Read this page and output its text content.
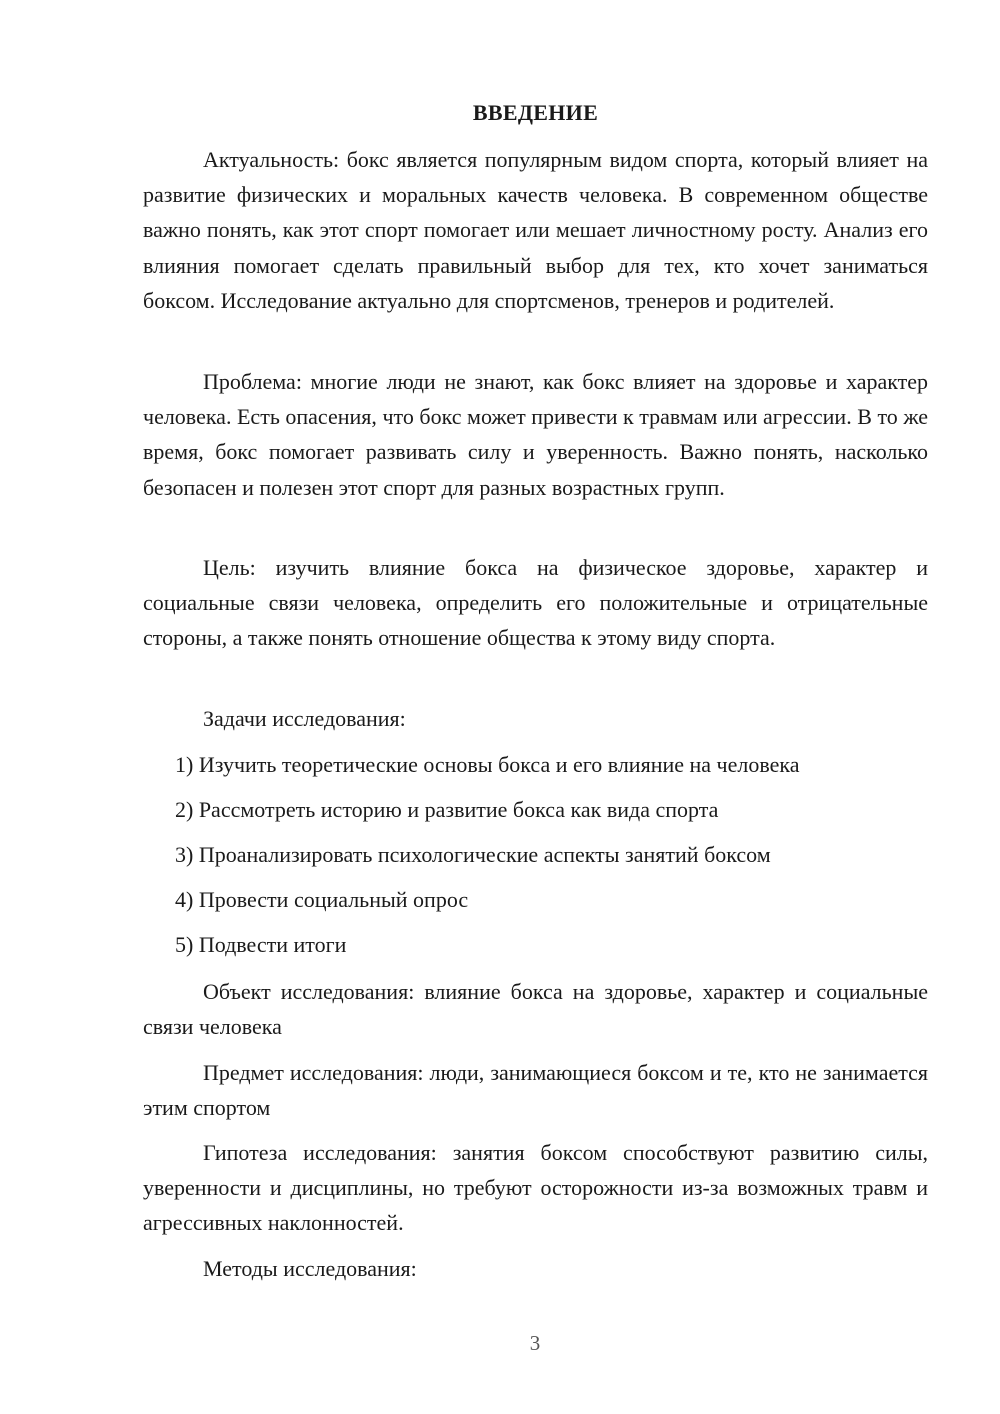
ВВЕДЕНИЕ

Актуальность: бокс является популярным видом спорта, который влияет на развитие физических и моральных качеств человека. В современном обществе важно понять, как этот спорт помогает или мешает личностному росту. Анализ его влияния помогает сделать правильный выбор для тех, кто хочет заниматься боксом. Исследование актуально для спортсменов, тренеров и родителей.

Проблема: многие люди не знают, как бокс влияет на здоровье и характер человека. Есть опасения, что бокс может привести к травмам или агрессии. В то же время, бокс помогает развивать силу и уверенность. Важно понять, насколько безопасен и полезен этот спорт для разных возрастных групп.

Цель: изучить влияние бокса на физическое здоровье, характер и социальные связи человека, определить его положительные и отрицательные стороны, а также понять отношение общества к этому виду спорта.

Задачи исследования:

1) Изучить теоретические основы бокса и его влияние на человека
2) Рассмотреть историю и развитие бокса как вида спорта
3) Проанализировать психологические аспекты занятий боксом
4) Провести социальный опрос
5) Подвести итоги

Объект исследования: влияние бокса на здоровье, характер и социальные связи человека

Предмет исследования: люди, занимающиеся боксом и те, кто не занимается этим спортом

Гипотеза исследования: занятия боксом способствуют развитию силы, уверенности и дисциплины, но требуют осторожности из-за возможных травм и агрессивных наклонностей.

Методы исследования:

3
